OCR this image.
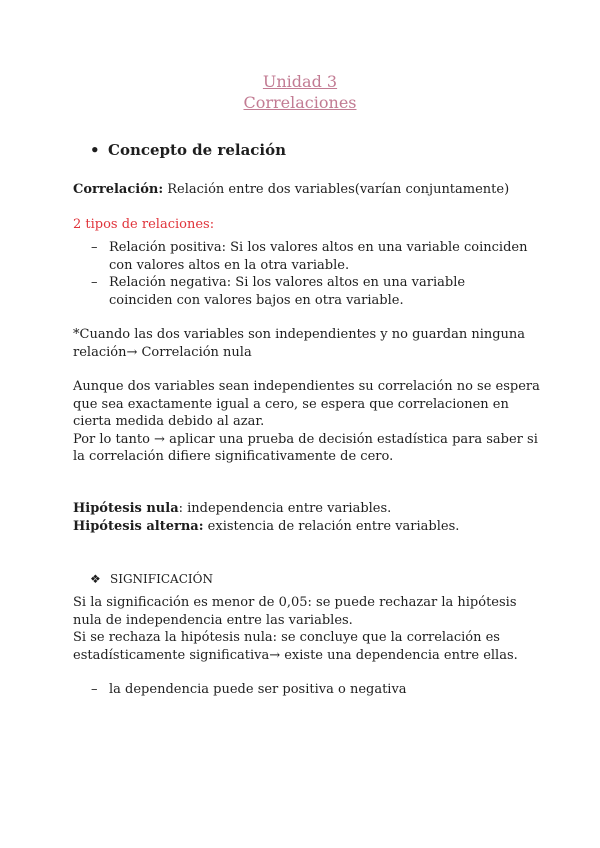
Unidad 3
Correlaciones
• Concepto de relación
Correlación: Relación entre dos variables(varían conjuntamente)
2 tipos de relaciones:
– Relación positiva: Si los valores altos en una variable coinciden con valores altos en la otra variable.
– Relación negativa: Si los valores altos en una variable coinciden con valores bajos en otra variable.
*Cuando las dos variables son independientes y no guardan ninguna relación→ Correlación nula

Aunque dos variables sean independientes su correlación no se espera que sea exactamente igual a cero, se espera que correlacionen en cierta medida debido al azar.

Por lo tanto → aplicar una prueba de decisión estadística para saber si la correlación difiere significativamente de cero.

Hipótesis nula: independencia entre variables.

Hipótesis alterna: existencia de relación entre variables.

❖ SIGNIFICACIÓN

Si la significación es menor de 0,05: se puede rechazar la hipótesis nula de independencia entre las variables.

Si se rechaza la hipótesis nula: se concluye que la correlación es estadísticamente significativa→ existe una dependencia entre ellas.

– la dependencia puede ser positiva o negativa
